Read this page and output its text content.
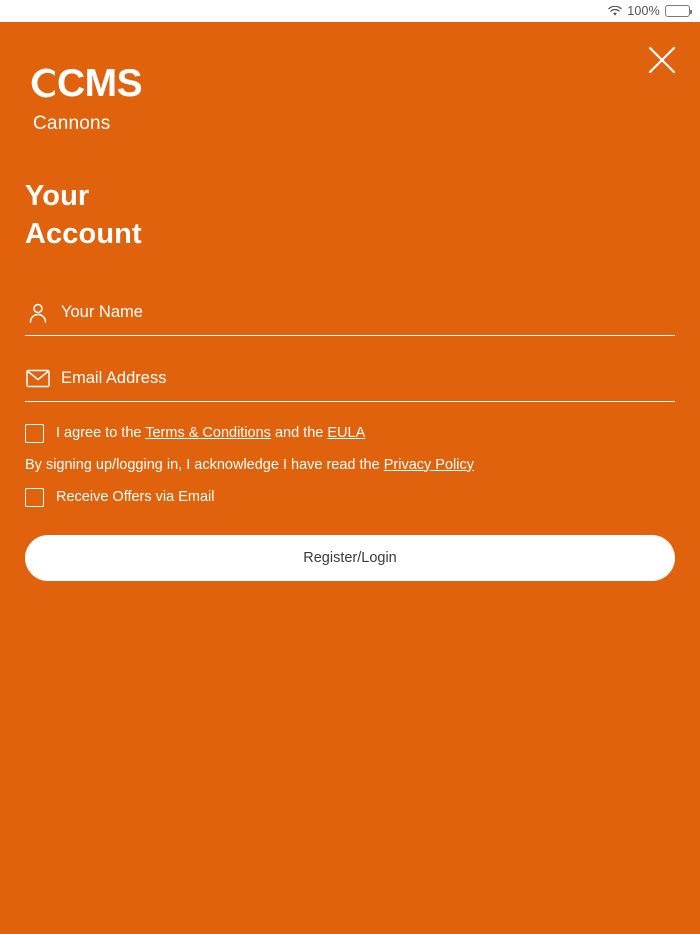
100%
CMS
Cannons
Your
Account
Your Name
Email Address
I agree to the Terms & Conditions and the EULA
By signing up/logging in, I acknowledge I have read the Privacy Policy
Receive Offers via Email
Register/Login
